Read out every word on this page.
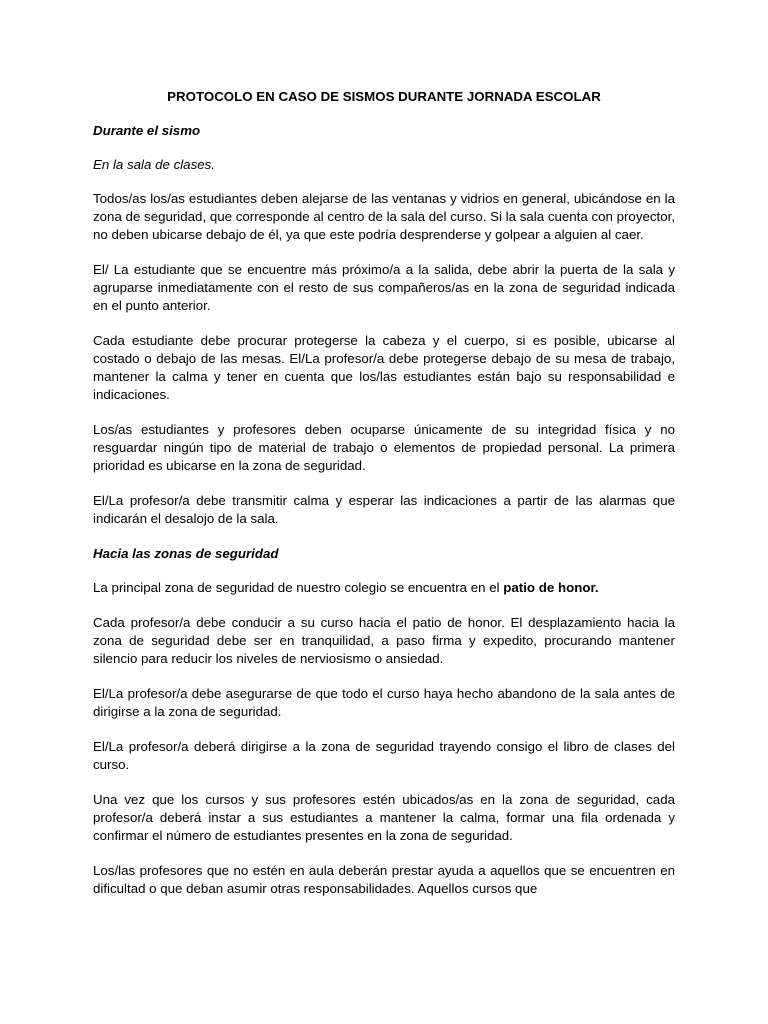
PROTOCOLO EN CASO DE SISMOS DURANTE JORNADA ESCOLAR
Durante el sismo
En la sala de clases.

Todos/as los/as estudiantes deben alejarse de las ventanas y vidrios en general, ubicándose en la zona de seguridad, que corresponde al centro de la sala del curso. Si la sala cuenta con proyector, no deben ubicarse debajo de él, ya que este podría desprenderse y golpear a alguien al caer.

El/ La estudiante que se encuentre más próximo/a a la salida, debe abrir la puerta de la sala y agruparse inmediatamente con el resto de sus compañeros/as en la zona de seguridad indicada en el punto anterior.

Cada estudiante debe procurar protegerse la cabeza y el cuerpo, si es posible, ubicarse al costado o debajo de las mesas. El/La profesor/a debe protegerse debajo de su mesa de trabajo, mantener la calma y tener en cuenta que los/las estudiantes están bajo su responsabilidad e indicaciones.

Los/as estudiantes y profesores deben ocuparse únicamente de su integridad física y no resguardar ningún tipo de material de trabajo o elementos de propiedad personal. La primera prioridad es ubicarse en la zona de seguridad.

El/La profesor/a debe transmitir calma y esperar las indicaciones a partir de las alarmas que indicarán el desalojo de la sala.

Hacia las zonas de seguridad

La principal zona de seguridad de nuestro colegio se encuentra en el patio de honor.

Cada profesor/a debe conducir a su curso hacia el patio de honor. El desplazamiento hacia la zona de seguridad debe ser en tranquilidad, a paso firma y expedito, procurando mantener silencio para reducir los niveles de nerviosismo o ansiedad.

El/La profesor/a debe asegurarse de que todo el curso haya hecho abandono de la sala antes de dirigirse a la zona de seguridad.

El/La profesor/a deberá dirigirse a la zona de seguridad trayendo consigo el libro de clases del curso.

Una vez que los cursos y sus profesores estén ubicados/as en la zona de seguridad, cada profesor/a deberá instar a sus estudiantes a mantener la calma, formar una fila ordenada y confirmar el número de estudiantes presentes en la zona de seguridad.

Los/las profesores que no estén en aula deberán prestar ayuda a aquellos que se encuentren en dificultad o que deban asumir otras responsabilidades. Aquellos cursos que
